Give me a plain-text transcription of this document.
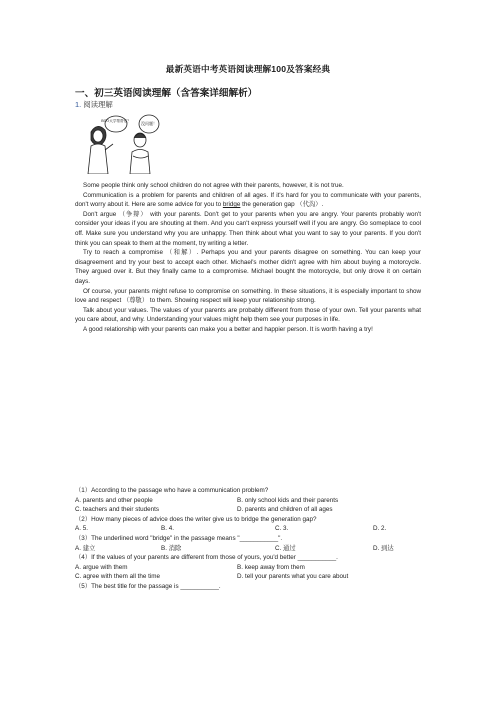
最新英语中考英语阅读理解100及答案经典
一、初三英语阅读理解（含答案详细解析）
1. 阅读理解
BOO大学帮帮你？	没问题！

Some people think only school children do not agree with their parents, however, it is not true.

Communication is a problem for parents and children of all ages. If it's hard for you to communicate with your parents, don't worry about it. Here are some advice for you to bridge the generation gap （代沟）.

Don't argue （争辩） with your parents. Don't get to your parents when you are angry. Your parents probably won't consider your ideas if you are shouting at them. And you can't express yourself well if you are angry. Go someplace to cool off. Make sure you understand why you are unhappy. Then think about what you want to say to your parents. If you don't think you can speak to them at the moment, try writing a letter.

Try to reach a compromise （和解）. Perhaps you and your parents disagree on something. You can keep your disagreement and try your best to accept each other. Michael's mother didn't agree with him about buying a motorcycle. They argued over it. But they finally came to a compromise. Michael bought the motorcycle, but only drove it on certain days.

Of course, your parents might refuse to compromise on something. In these situations, it is especially important to show love and respect （尊敬） to them. Showing respect will keep your relationship strong.

Talk about your values. The values of your parents are probably different from those of your own. Tell your parents what you care about, and why. Understanding your values might help them see your purposes in life.

A good relationship with your parents can make you a better and happier person. It is worth having a try!

（1）According to the passage who have a communication problem?
A. parents and other people	B. only school kids and their parents
C. teachers and their students	D. parents and children of all ages
（2）How many pieces of advice does the writer give us to bridge the generation gap?
A. 5.	B. 4.	C. 3.	D. 2.
（3）The underlined word "bridge" in the passage means "___________".
A. 建立	B. 消除	C. 通过	D. 到达
（4）If the values of your parents are different from those of yours, you'd better ___________.
A. argue with them	B. keep away from them
C. agree with them all the time	D. tell your parents what you care about
（5）The best title for the passage is ___________.
